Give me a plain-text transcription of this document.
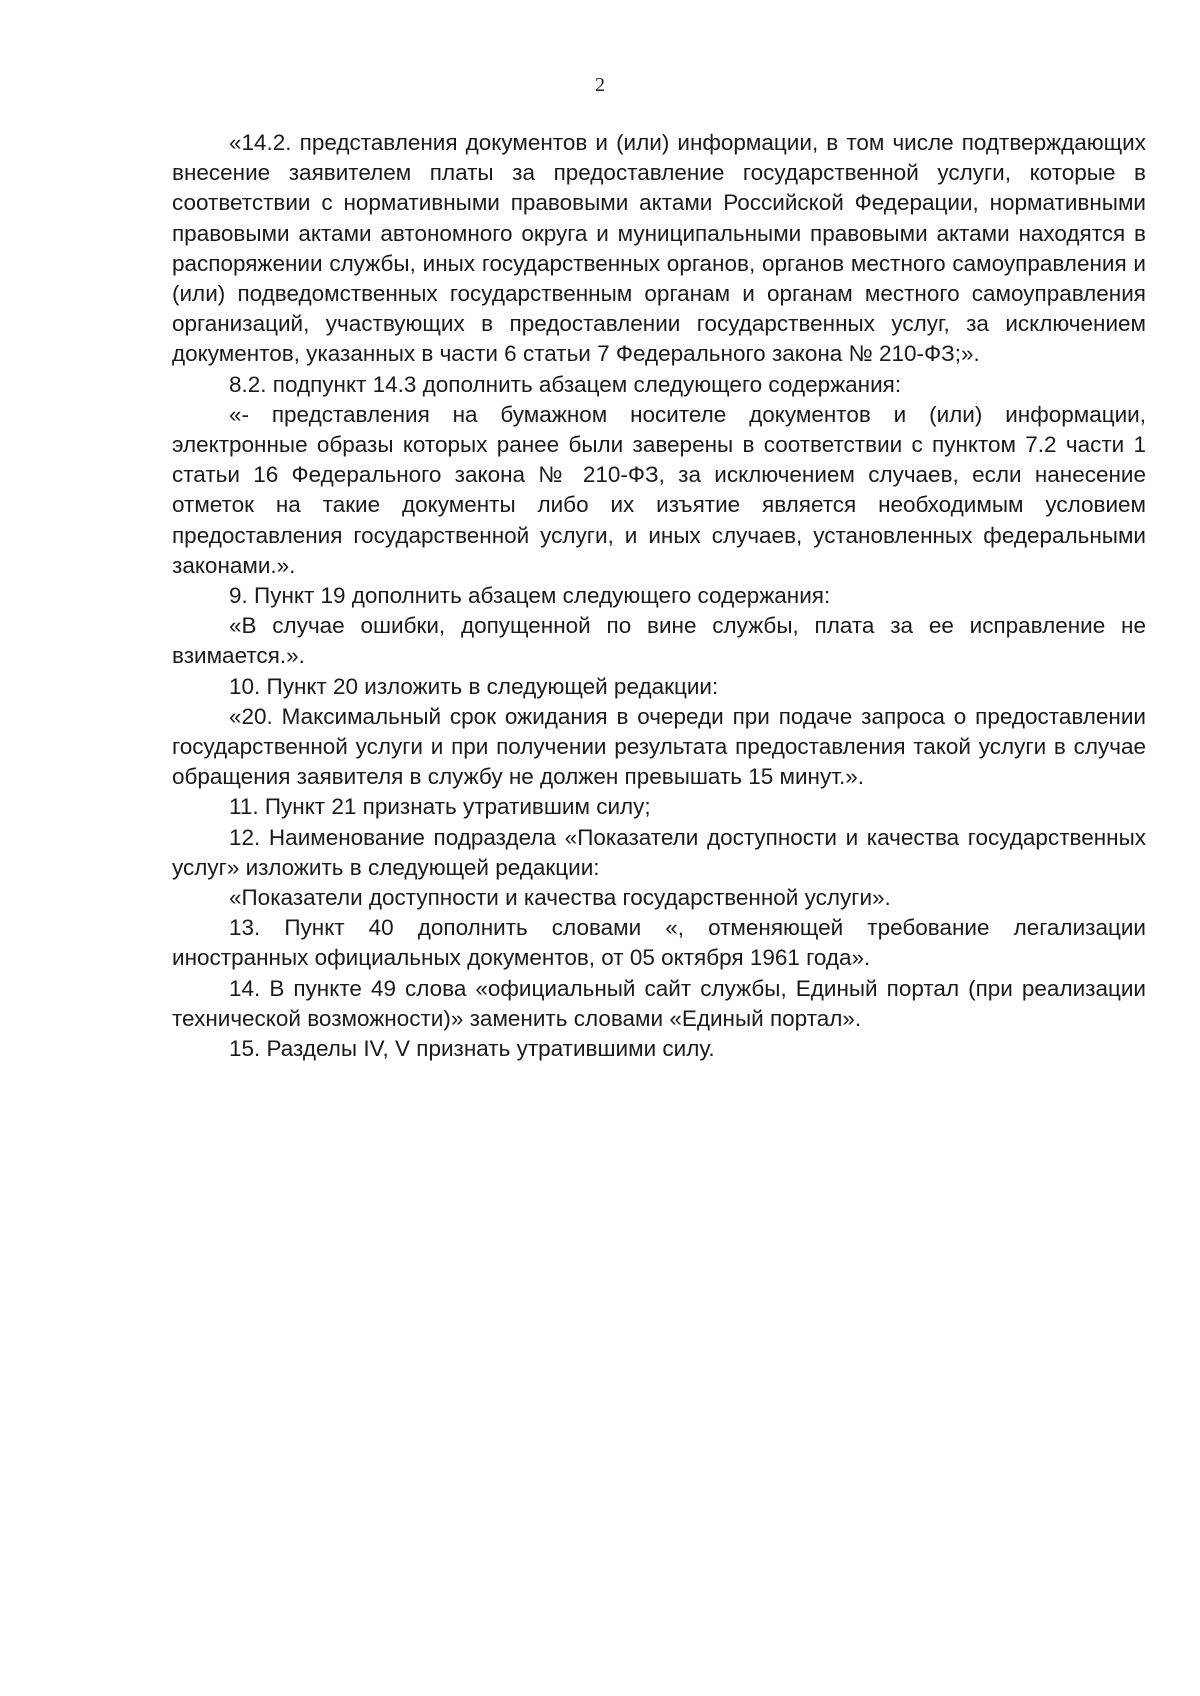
2

«14.2. представления документов и (или) информации, в том числе подтверждающих внесение заявителем платы за предоставление государственной услуги, которые в соответствии с нормативными правовыми актами Российской Федерации, нормативными правовыми актами автономного округа и муниципальными правовыми актами находятся в распоряжении службы, иных государственных органов, органов местного самоуправления и (или) подведомственных государственным органам и органам местного самоуправления организаций, участвующих в предоставлении государственных услуг, за исключением документов, указанных в части 6 статьи 7 Федерального закона № 210-ФЗ;».

8.2. подпункт 14.3 дополнить абзацем следующего содержания:

«- представления на бумажном носителе документов и (или) информации, электронные образы которых ранее были заверены в соответствии с пунктом 7.2 части 1 статьи 16 Федерального закона № 210-ФЗ, за исключением случаев, если нанесение отметок на такие документы либо их изъятие является необходимым условием предоставления государственной услуги, и иных случаев, установленных федеральными законами.».

9. Пункт 19 дополнить абзацем следующего содержания:

«В случае ошибки, допущенной по вине службы, плата за ее исправление не взимается.».

10. Пункт 20 изложить в следующей редакции:

«20. Максимальный срок ожидания в очереди при подаче запроса о предоставлении государственной услуги и при получении результата предоставления такой услуги в случае обращения заявителя в службу не должен превышать 15 минут.».

11. Пункт 21 признать утратившим силу;

12. Наименование подраздела «Показатели доступности и качества государственных услуг» изложить в следующей редакции:

«Показатели доступности и качества государственной услуги».

13. Пункт 40 дополнить словами «, отменяющей требование легализации иностранных официальных документов, от 05 октября 1961 года».

14. В пункте 49 слова «официальный сайт службы, Единый портал (при реализации технической возможности)» заменить словами «Единый портал».

15. Разделы IV, V признать утратившими силу.
